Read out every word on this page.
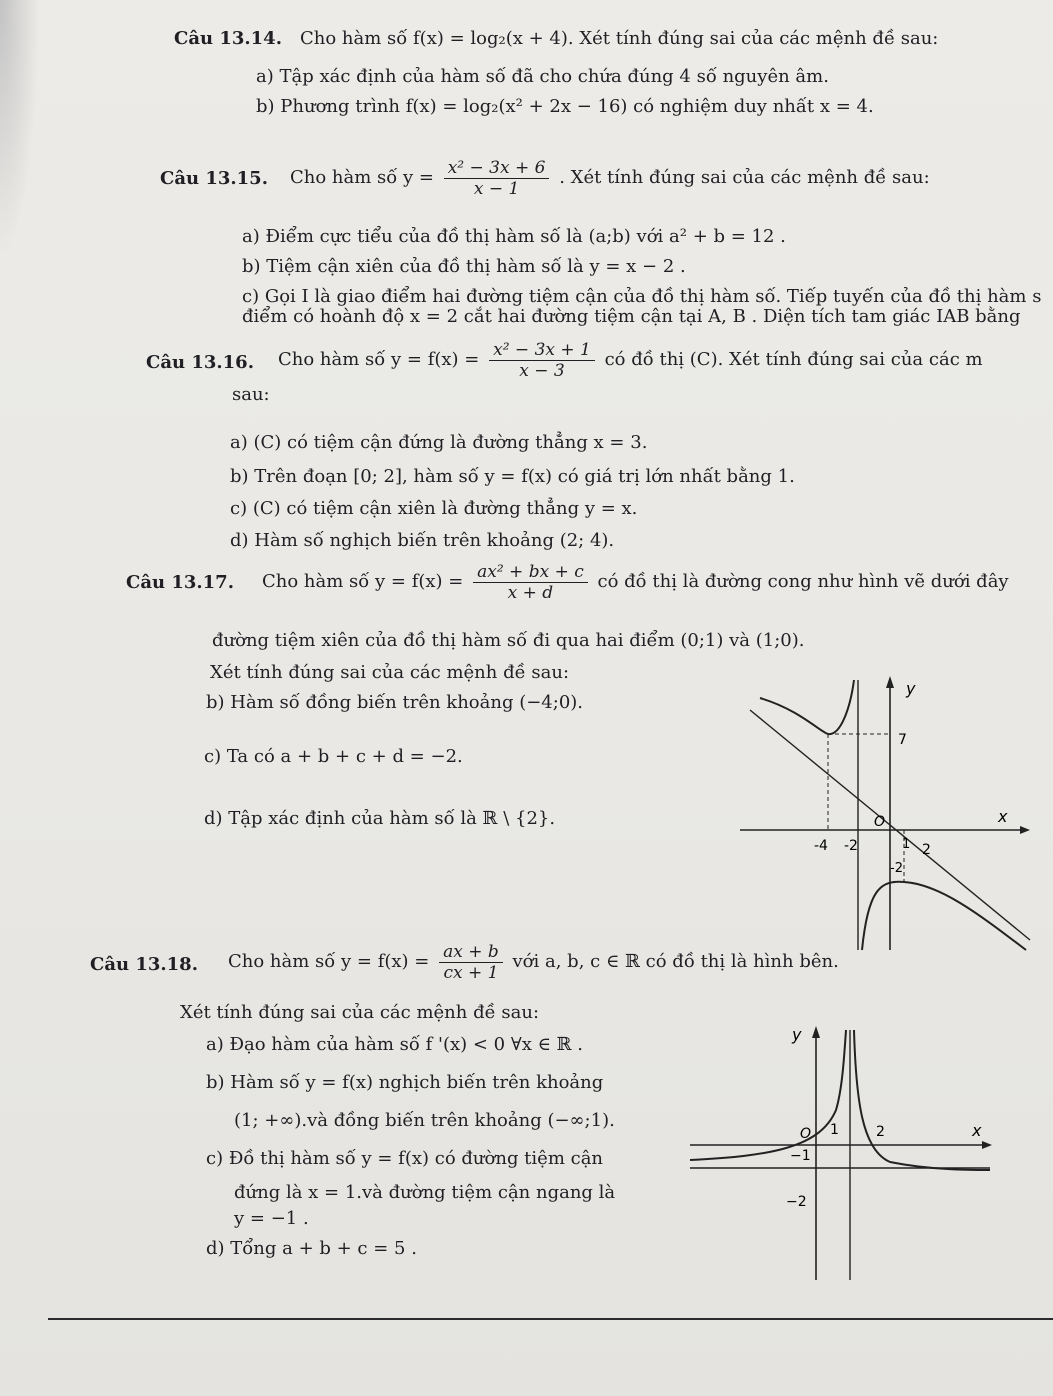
Câu 13.14. Cho hàm số f(x) = log₂(x + 4). Xét tính đúng sai của các mệnh đề sau:
a) Tập xác định của hàm số đã cho chứa đúng 4 số nguyên âm.
b) Phương trình f(x) = log₂(x² + 2x − 16) có nghiệm duy nhất x = 4.
Câu 13.15. Cho hàm số $y = \frac{\text{x² − 3x + 6}}{x - 1}$ . Xét tính đúng sai của các mệnh đề sau:
a) Điểm cực tiểu của đồ thị hàm số là (a;b) với a² + b = 12 .
b) Tiệm cận xiên của đồ thị hàm số là y = x − 2 .
c) Gọi I là giao điểm hai đường tiệm cận của đồ thị hàm số. Tiếp tuyến của đồ thị hàm s
điểm có hoành độ x = 2 cắt hai đường tiệm cận tại A, B . Diện tích tam giác IAB bằng
Câu 13.16. Cho hàm số $y = f(x) = \frac{\text{x² − 3x + 1}}{x - 3}$ có đồ thị (C). Xét tính đúng sai của các m
sau:
a) (C) có tiệm cận đứng là đường thẳng x = 3.
b) Trên đoạn [0; 2], hàm số y = f(x) có giá trị lớn nhất bằng 1.
c) (C) có tiệm cận xiên là đường thẳng y = x.
d) Hàm số nghịch biến trên khoảng (2; 4).
Câu 13.17. Cho hàm số $y = f(x) = \frac{\text{ax² + bx + c}}{x + d}$ có đồ thị là đường cong như hình vẽ dưới đây
đường tiệm xiên của đồ thị hàm số đi qua hai điểm (0;1) và (1;0).
Xét tính đúng sai của các mệnh đề sau:
b) Hàm số đồng biến trên khoảng (−4;0).
c) Ta có a + b + c + d = −2.
d) Tập xác định của hàm số là ℝ \ {2}.
y
x
O
7
-4 -2	1 2
-2
Câu 13.18. Cho hàm số $y = f(x) = \frac{ax + b}{cx + 1}$ với a, b, c ∈ ℝ có đồ thị là hình bên.
Xét tính đúng sai của các mệnh đề sau:
a) Đạo hàm của hàm số f '(x) < 0 ∀x ∈ ℝ .
b) Hàm số y = f(x) nghịch biến trên khoảng
(1; +∞).và đồng biến trên khoảng (−∞;1).
c) Đồ thị hàm số y = f(x) có đường tiệm cận
đứng là x = 1.và đường tiệm cận ngang là
y = −1 .
d) Tổng a + b + c = 5 .
y
x
O 1	2
−1
−2
